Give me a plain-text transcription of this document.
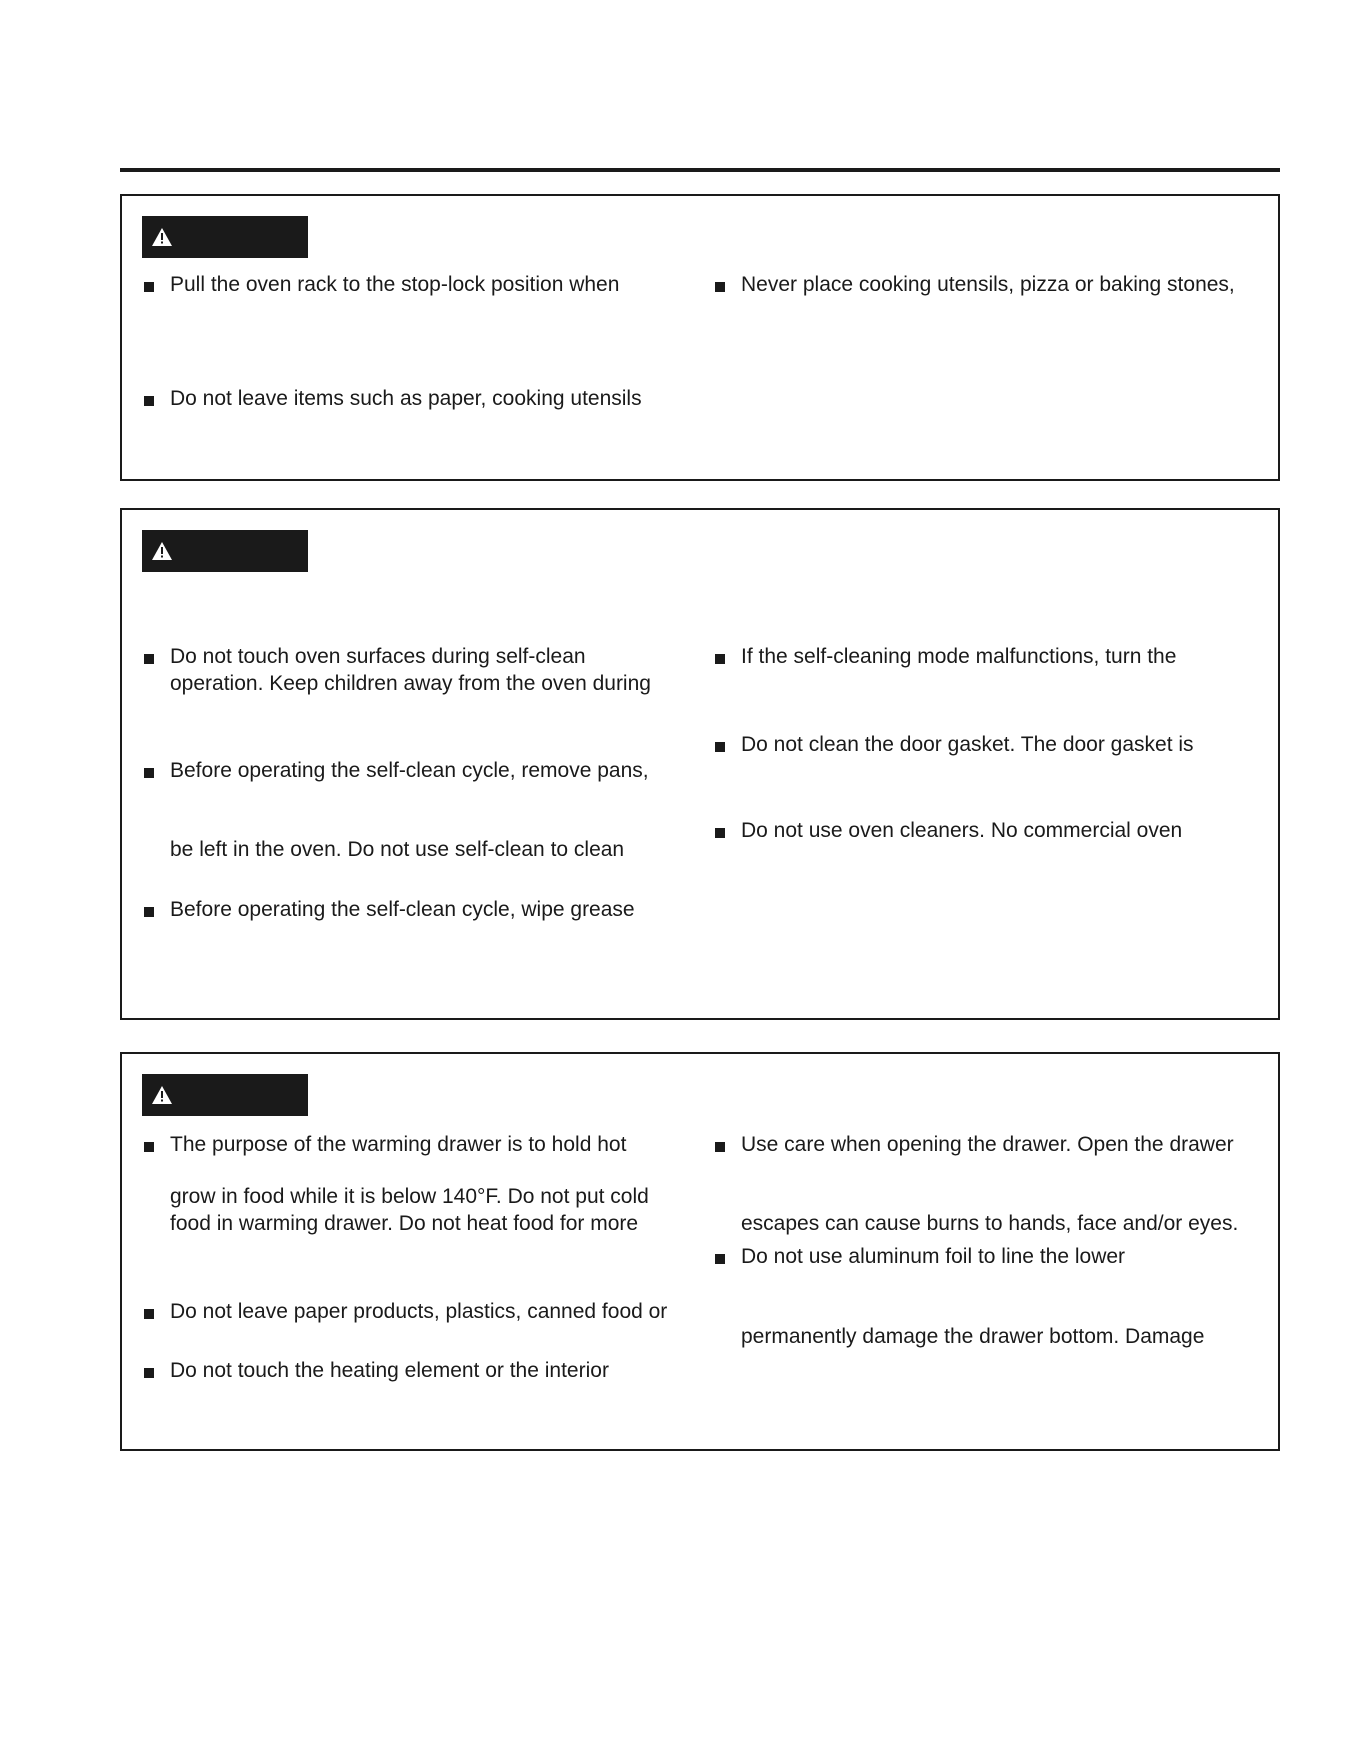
Pull the oven rack to the stop-lock position when
Do not leave items such as paper, cooking utensils
Never place cooking utensils, pizza or baking stones,
Do not touch oven surfaces during self-clean
operation. Keep children away from the oven during
Before operating the self-clean cycle, remove pans,
be left in the oven. Do not use self-clean to clean
Before operating the self-clean cycle, wipe grease
If the self-cleaning mode malfunctions, turn the
Do not clean the door gasket. The door gasket is
Do not use oven cleaners. No commercial oven
The purpose of the warming drawer is to hold hot
grow in food while it is below 140°F. Do not put cold
food in warming drawer. Do not heat food for more
Do not leave paper products, plastics, canned food or
Do not touch the heating element or the interior
Use care when opening the drawer. Open the drawer
escapes can cause burns to hands, face and/or eyes.
Do not use aluminum foil to line the lower
permanently damage the drawer bottom. Damage
